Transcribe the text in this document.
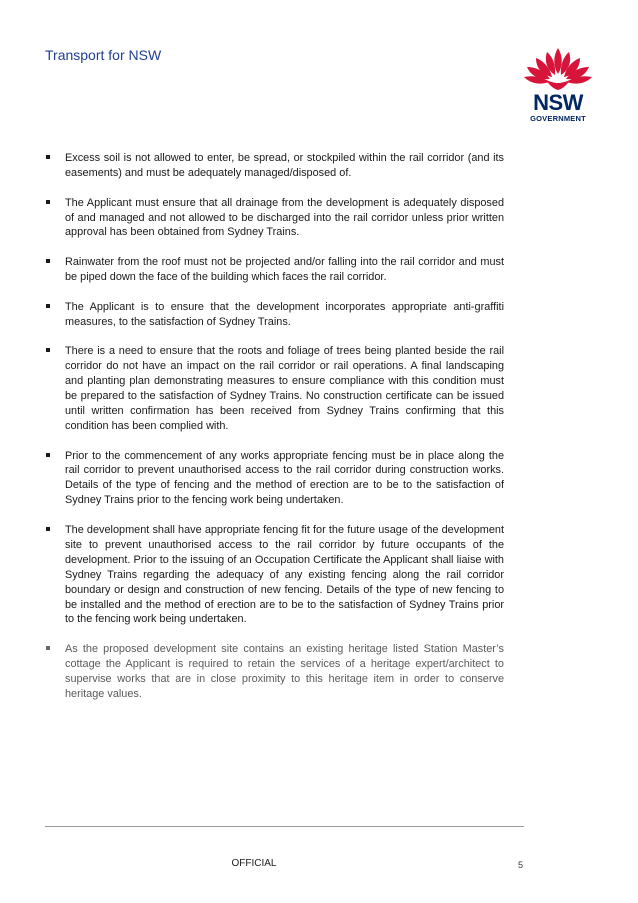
Transport for NSW
NSW
GOVERNMENT
Excess soil is not allowed to enter, be spread, or stockpiled within the rail corridor (and its easements) and must be adequately managed/disposed of.
The Applicant must ensure that all drainage from the development is adequately disposed of and managed and not allowed to be discharged into the rail corridor unless prior written approval has been obtained from Sydney Trains.
Rainwater from the roof must not be projected and/or falling into the rail corridor and must be piped down the face of the building which faces the rail corridor.
The Applicant is to ensure that the development incorporates appropriate anti-graffiti measures, to the satisfaction of Sydney Trains.
There is a need to ensure that the roots and foliage of trees being planted beside the rail corridor do not have an impact on the rail corridor or rail operations. A final landscaping and planting plan demonstrating measures to ensure compliance with this condition must be prepared to the satisfaction of Sydney Trains. No construction certificate can be issued until written confirmation has been received from Sydney Trains confirming that this condition has been complied with.
Prior to the commencement of any works appropriate fencing must be in place along the rail corridor to prevent unauthorised access to the rail corridor during construction works. Details of the type of fencing and the method of erection are to be to the satisfaction of Sydney Trains prior to the fencing work being undertaken.
The development shall have appropriate fencing fit for the future usage of the development site to prevent unauthorised access to the rail corridor by future occupants of the development. Prior to the issuing of an Occupation Certificate the Applicant shall liaise with Sydney Trains regarding the adequacy of any existing fencing along the rail corridor boundary or design and construction of new fencing. Details of the type of new fencing to be installed and the method of erection are to be to the satisfaction of Sydney Trains prior to the fencing work being undertaken.
As the proposed development site contains an existing heritage listed Station Master’s cottage the Applicant is required to retain the services of a heritage expert/architect to supervise works that are in close proximity to this heritage item in order to conserve heritage values.
OFFICIAL	5
